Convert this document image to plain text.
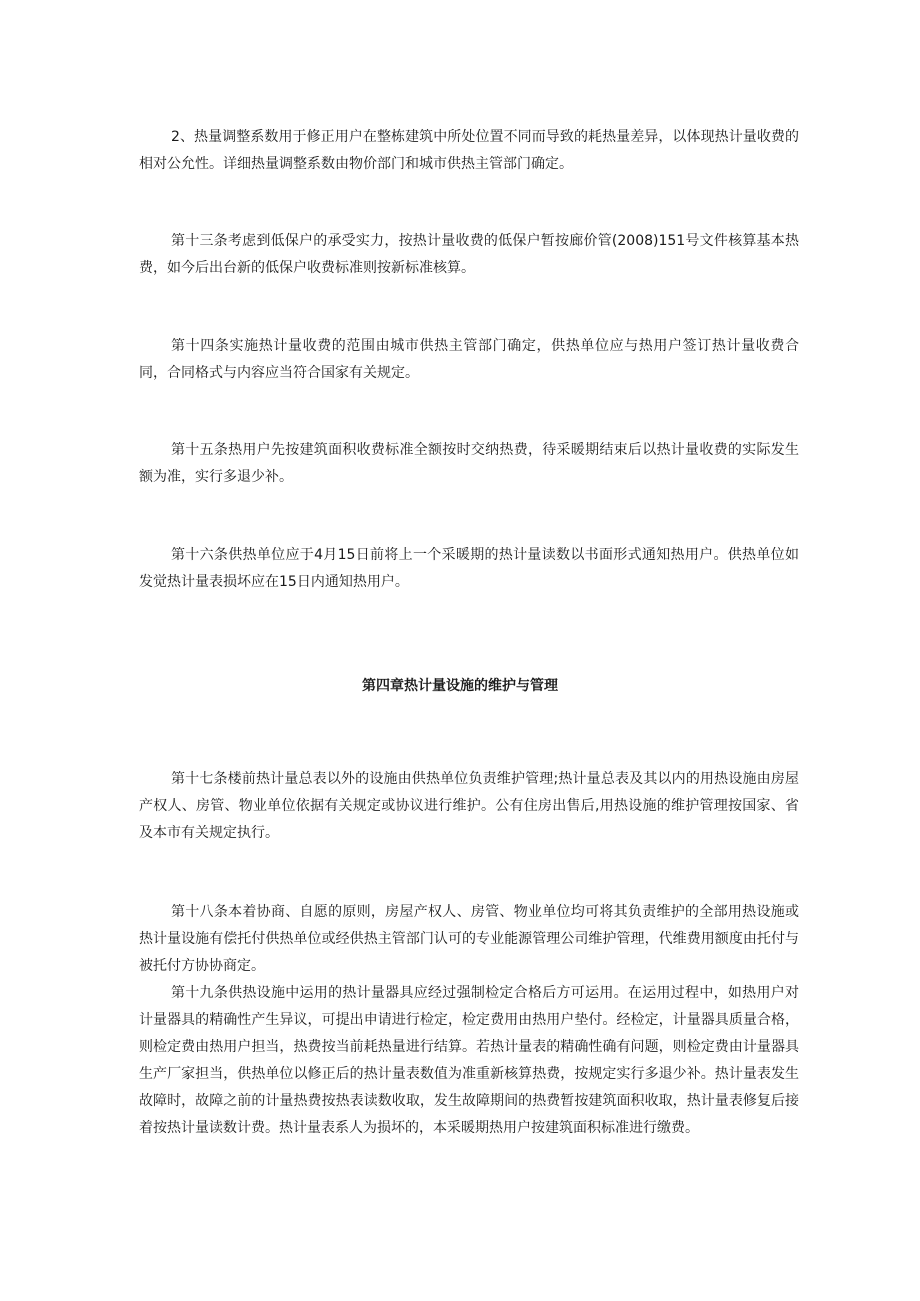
2、热量调整系数用于修正用户在整栋建筑中所处位置不同而导致的耗热量差异，以体现热计量收费的相对公允性。详细热量调整系数由物价部门和城市供热主管部门确定。

第十三条考虑到低保户的承受实力，按热计量收费的低保户暂按廊价管(2008)151号文件核算基本热费，如今后出台新的低保户收费标准则按新标准核算。

第十四条实施热计量收费的范围由城市供热主管部门确定，供热单位应与热用户签订热计量收费合同，合同格式与内容应当符合国家有关规定。

第十五条热用户先按建筑面积收费标准全额按时交纳热费，待采暖期结束后以热计量收费的实际发生额为准，实行多退少补。

第十六条供热单位应于4月15日前将上一个采暖期的热计量读数以书面形式通知热用户。供热单位如发觉热计量表损坏应在15日内通知热用户。

第四章热计量设施的维护与管理

第十七条楼前热计量总表以外的设施由供热单位负责维护管理;热计量总表及其以内的用热设施由房屋产权人、房管、物业单位依据有关规定或协议进行维护。公有住房出售后,用热设施的维护管理按国家、省及本市有关规定执行。

第十八条本着协商、自愿的原则，房屋产权人、房管、物业单位均可将其负责维护的全部用热设施或热计量设施有偿托付供热单位或经供热主管部门认可的专业能源管理公司维护管理，代维费用额度由托付与被托付方协协商定。

第十九条供热设施中运用的热计量器具应经过强制检定合格后方可运用。在运用过程中，如热用户对计量器具的精确性产生异议，可提出申请进行检定，检定费用由热用户垫付。经检定，计量器具质量合格，则检定费由热用户担当，热费按当前耗热量进行结算。若热计量表的精确性确有问题，则检定费由计量器具生产厂家担当，供热单位以修正后的热计量表数值为准重新核算热费，按规定实行多退少补。热计量表发生故障时，故障之前的计量热费按热表读数收取，发生故障期间的热费暂按建筑面积收取，热计量表修复后接着按热计量读数计费。热计量表系人为损坏的，本采暖期热用户按建筑面积标准进行缴费。
